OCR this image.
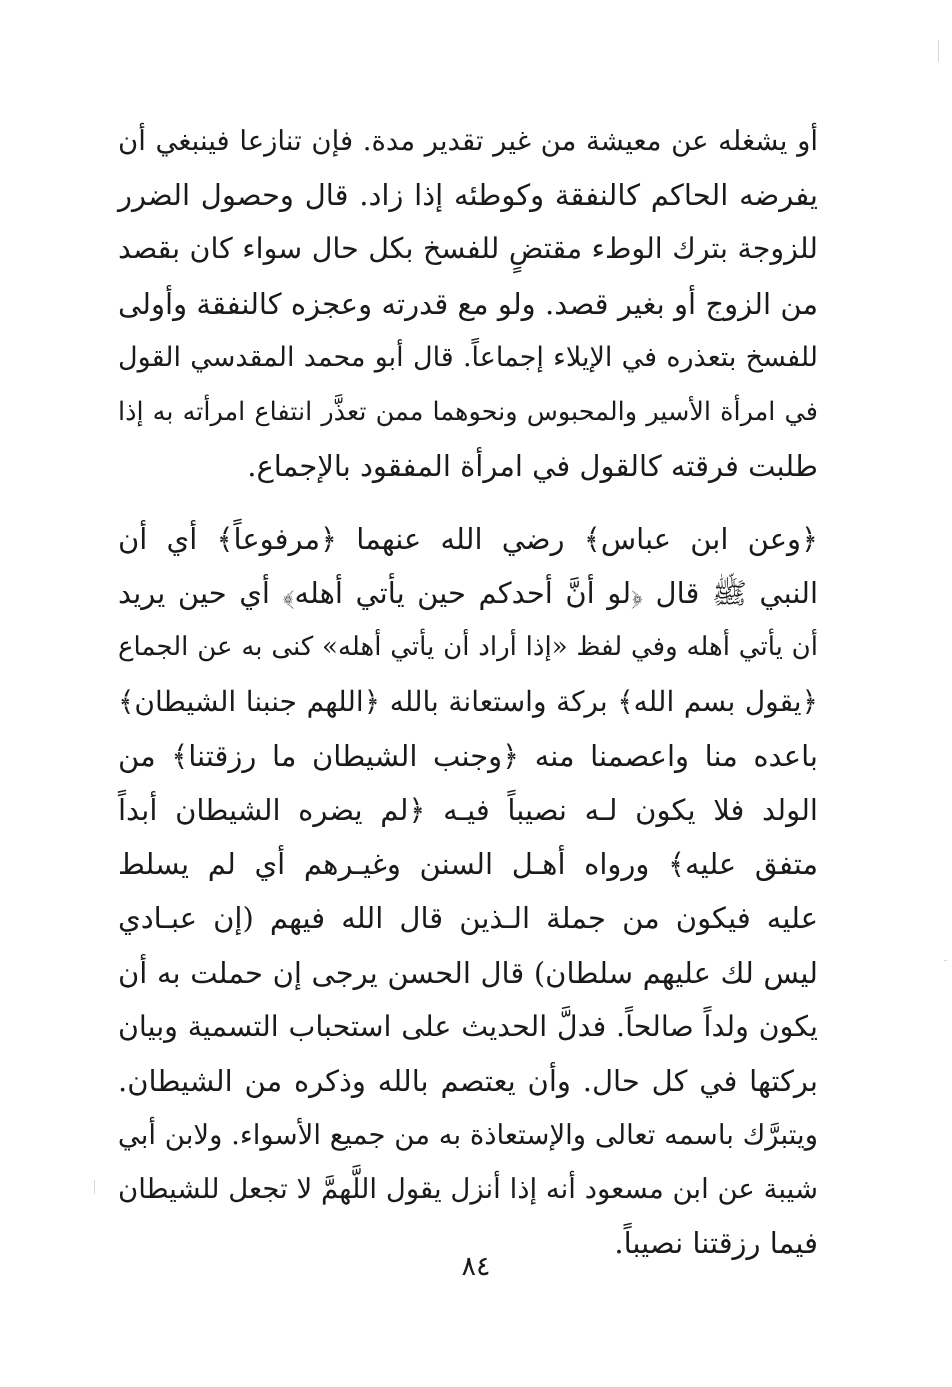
أو يشغله عن معيشة من غير تقدير مدة. فإن تنازعا فينبغي أن
يفرضه الحاكم كالنفقة وكوطئه إذا زاد. قال وحصول الضرر
للزوجة بترك الوطء مقتضٍ للفسخ بكل حال سواء كان بقصد
من الزوج أو بغير قصد. ولو مع قدرته وعجزه كالنفقة وأولى
للفسخ بتعذره في الإيلاء إجماعاً. قال أبو محمد المقدسي القول
في امرأة الأسير والمحبوس ونحوهما ممن تعذَّر انتفاع امرأته به إذا
طلبت فرقته كالقول في امرأة المفقود بالإجماع.
﴿وعن ابن عباس﴾ رضي الله عنهما ﴿مرفوعاً﴾ أي أن
النبي ﷺ قال ﴿لو أنَّ أحدكم حين يأتي أهله﴾ أي حين يريد
أن يأتي أهله وفي لفظ «إذا أراد أن يأتي أهله» كنى به عن الجماع
﴿يقول بسم الله﴾ بركة واستعانة بالله ﴿اللهم جنبنا الشيطان﴾
باعده منا واعصمنا منه ﴿وجنب الشيطان ما رزقتنا﴾ من
الولد فلا يكون لـه نصيباً فيـه ﴿لم يضره الشيطان أبداً
متفق عليه﴾ ورواه أهـل السنن وغيـرهم أي لم يسلط
عليه فيكون من جملة الـذين قال الله فيهم (إن عبـادي
ليس لك عليهم سلطان) قال الحسن يرجى إن حملت به أن
يكون ولداً صالحاً. فدلَّ الحديث على استحباب التسمية وبيان
بركتها في كل حال. وأن يعتصم بالله وذكره من الشيطان.
ويتبرَّك باسمه تعالى والإستعاذة به من جميع الأسواء. ولابن أبي
شيبة عن ابن مسعود أنه إذا أنزل يقول اللَّهمَّ لا تجعل للشيطان
فيما رزقتنا نصيباً.
٨٤
